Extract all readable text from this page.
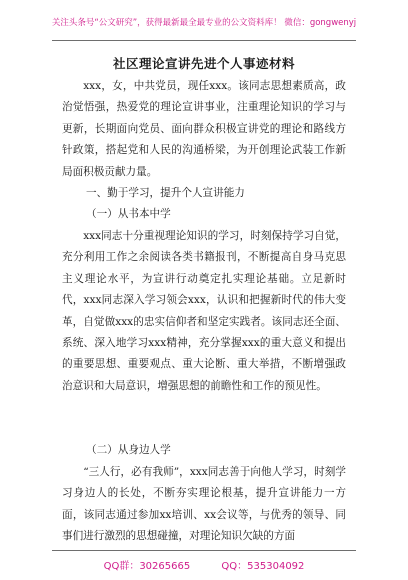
关注头条号“公文研究”，获得最新最全最专业的公文资料库！ 微信：gongwenyj
社区理论宣讲先进个人事迹材料

xxx，女，中共党员，现任xxx。该同志思想素质高，政治觉悟强，热爱党的理论宣讲事业，注重理论知识的学习与更新，长期面向党员、面向群众积极宣讲党的理论和路线方针政策，搭起党和人民的沟通桥梁，为开创理论武装工作新局面积极贡献力量。

一、勤于学习，提升个人宣讲能力
（一）从书本中学

xxx同志十分重视理论知识的学习，时刻保持学习自觉，充分利用工作之余阅读各类书籍报刊，不断提高自身马克思主义理论水平，为宣讲行动奠定扎实理论基础。立足新时代，xxx同志深入学习领会xxx，认识和把握新时代的伟大变革，自觉做xxx的忠实信仰者和坚定实践者。该同志还全面、系统、深入地学习xxx精神，充分掌握xxx的重大意义和提出的重要思想、重要观点、重大论断、重大举措，不断增强政治意识和大局意识，增强思想的前瞻性和工作的预见性。

（二）从身边人学

“三人行，必有我师”，xxx同志善于向他人学习，时刻学习身边人的长处，不断夯实理论根基，提升宣讲能力一方面，该同志通过参加xx培训、xx会议等，与优秀的领导、同事们进行激烈的思想碰撞，对理论知识欠缺的方面

QQ群：30265665	QQ：535304092
